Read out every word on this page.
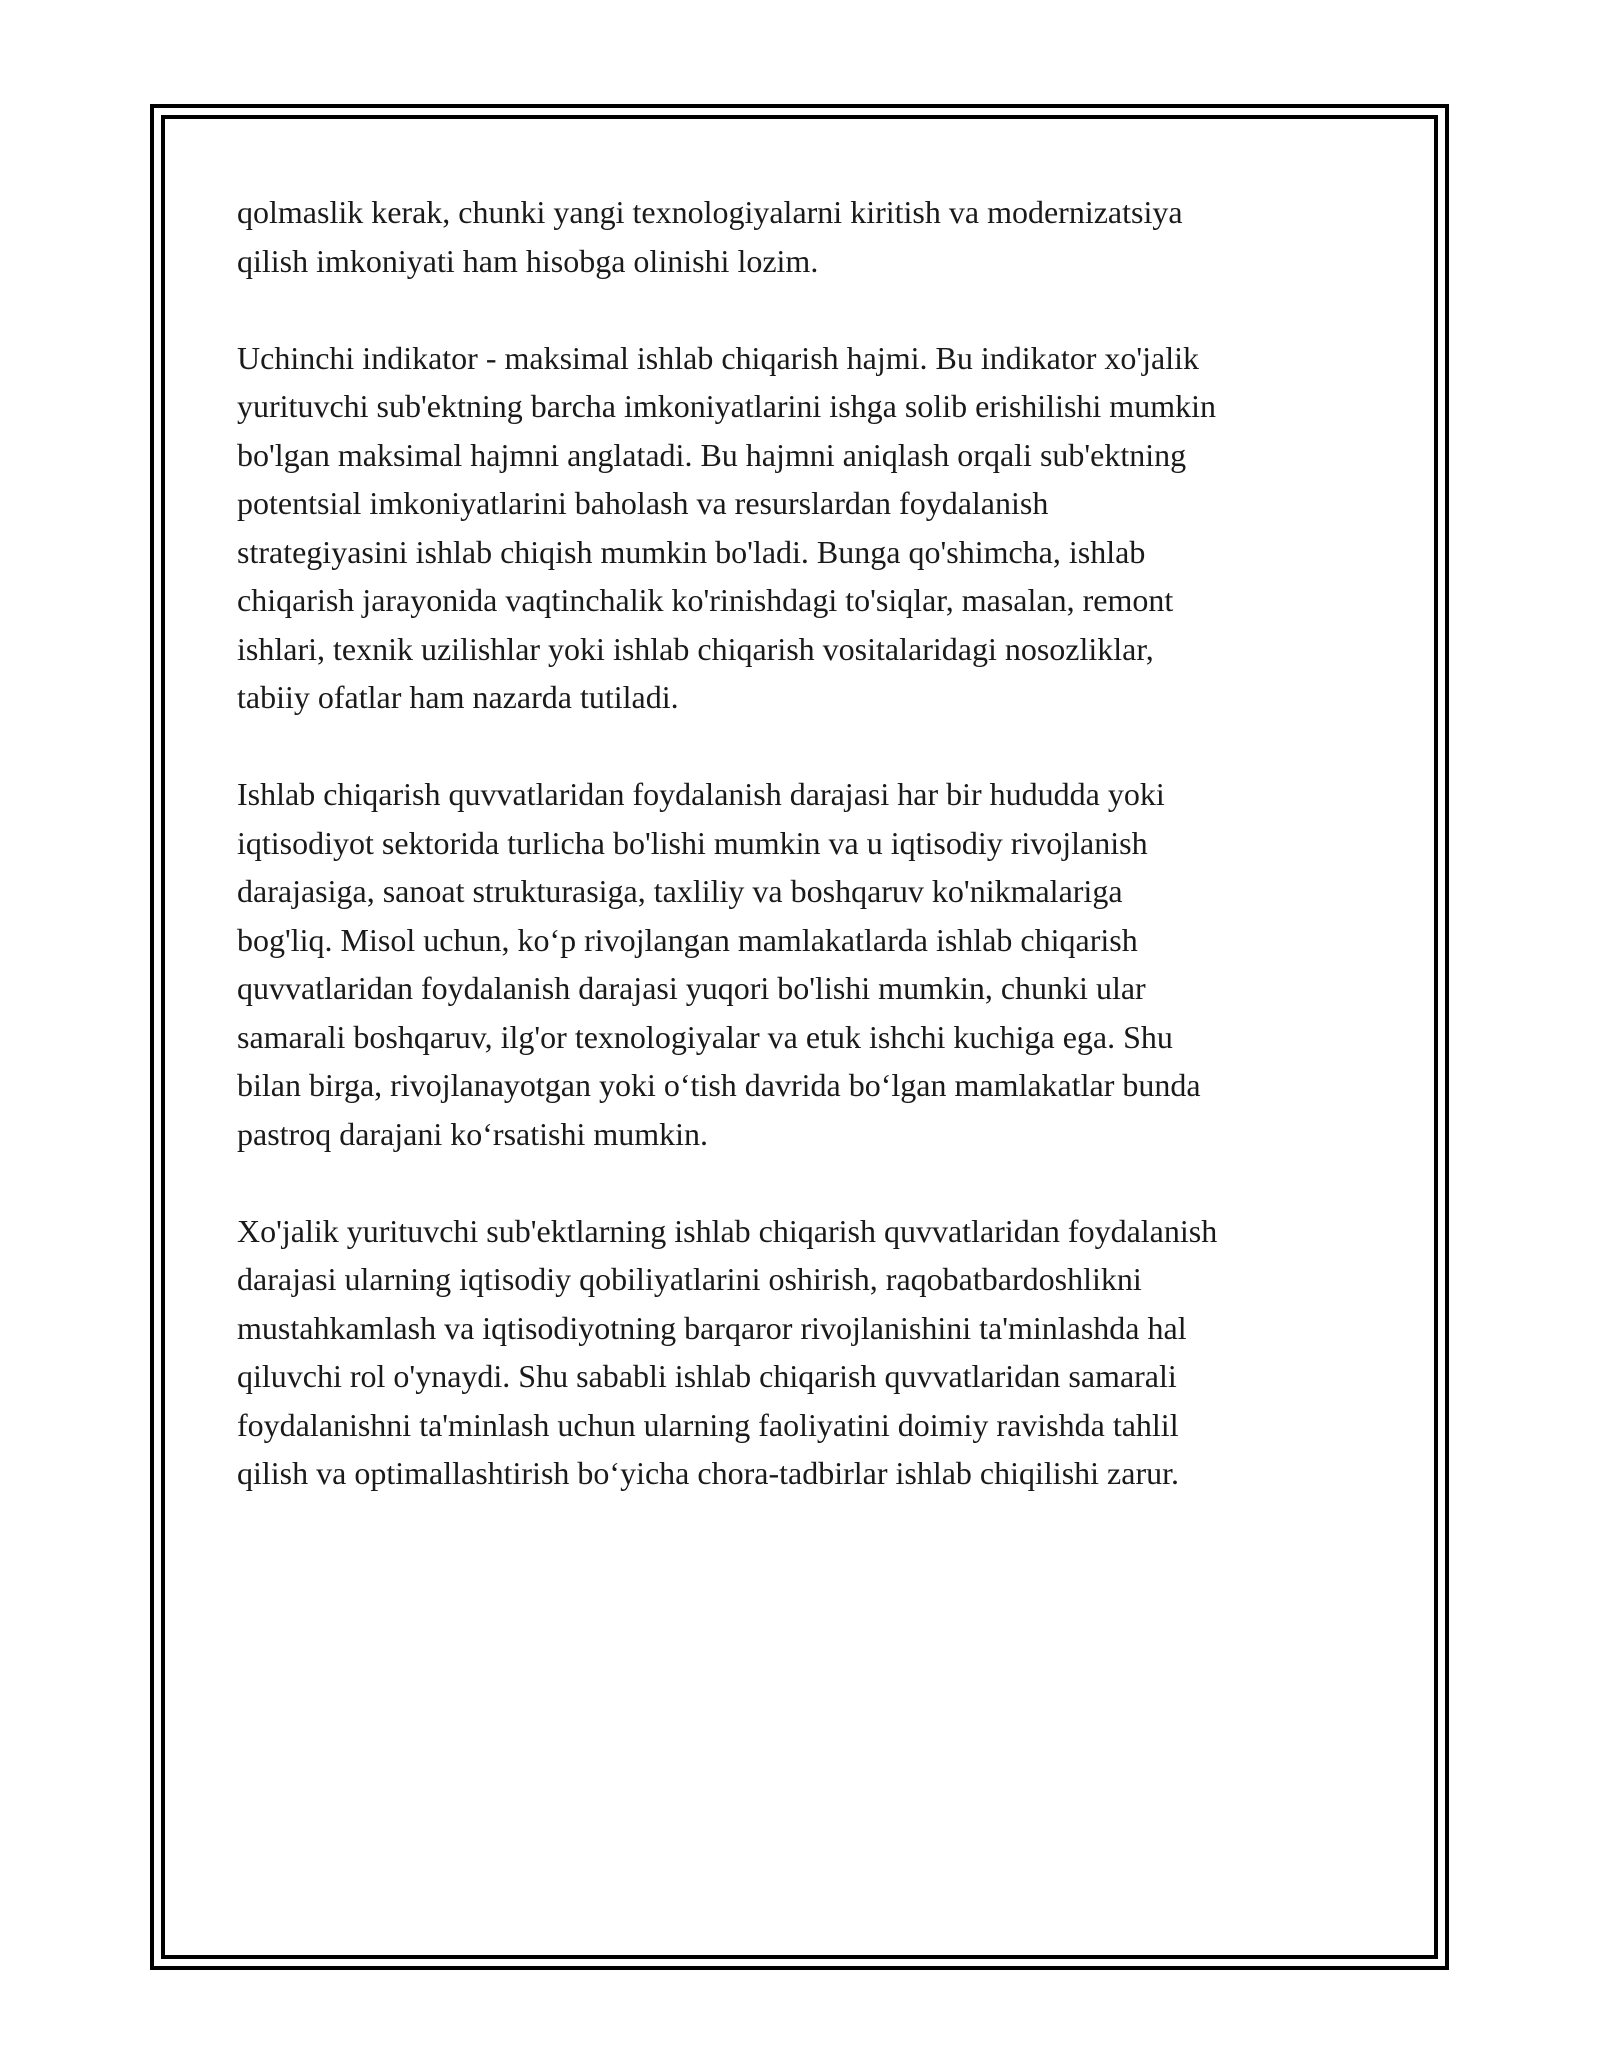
qolmaslik kerak, chunki yangi texnologiyalarni kiritish va modernizatsiya
qilish imkoniyati ham hisobga olinishi lozim.

Uchinchi indikator - maksimal ishlab chiqarish hajmi. Bu indikator xo'jalik
yurituvchi sub'ektning barcha imkoniyatlarini ishga solib erishilishi mumkin
bo'lgan maksimal hajmni anglatadi. Bu hajmni aniqlash orqali sub'ektning
potentsial imkoniyatlarini baholash va resurslardan foydalanish
strategiyasini ishlab chiqish mumkin bo'ladi. Bunga qo'shimcha, ishlab
chiqarish jarayonida vaqtinchalik ko'rinishdagi to'siqlar, masalan, remont
ishlari, texnik uzilishlar yoki ishlab chiqarish vositalaridagi nosozliklar,
tabiiy ofatlar ham nazarda tutiladi.

Ishlab chiqarish quvvatlaridan foydalanish darajasi har bir hududda yoki
iqtisodiyot sektorida turlicha bo'lishi mumkin va u iqtisodiy rivojlanish
darajasiga, sanoat strukturasiga, taxliliy va boshqaruv ko'nikmalariga
bog'liq. Misol uchun, ko‘p rivojlangan mamlakatlarda ishlab chiqarish
quvvatlaridan foydalanish darajasi yuqori bo'lishi mumkin, chunki ular
samarali boshqaruv, ilg'or texnologiyalar va etuk ishchi kuchiga ega. Shu
bilan birga, rivojlanayotgan yoki o‘tish davrida bo‘lgan mamlakatlar bunda
pastroq darajani ko‘rsatishi mumkin.

Xo'jalik yurituvchi sub'ektlarning ishlab chiqarish quvvatlaridan foydalanish
darajasi ularning iqtisodiy qobiliyatlarini oshirish, raqobatbardoshlikni
mustahkamlash va iqtisodiyotning barqaror rivojlanishini ta'minlashda hal
qiluvchi rol o'ynaydi. Shu sababli ishlab chiqarish quvvatlaridan samarali
foydalanishni ta'minlash uchun ularning faoliyatini doimiy ravishda tahlil
qilish va optimallashtirish bo‘yicha chora-tadbirlar ishlab chiqilishi zarur.
